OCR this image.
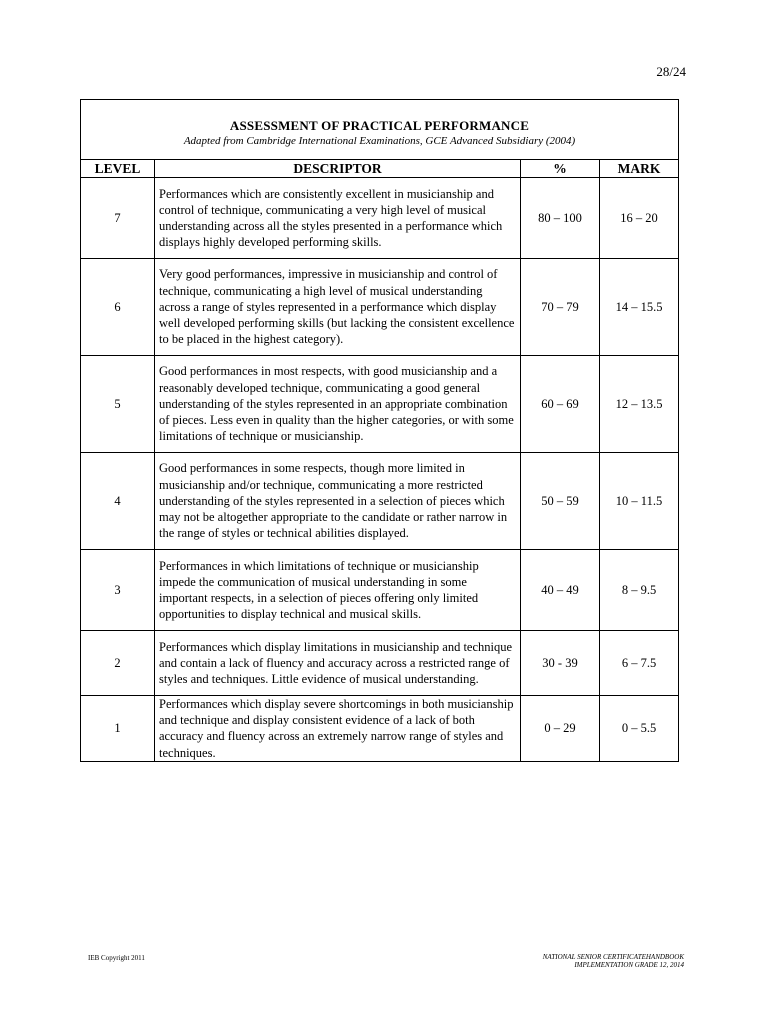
28/24
ASSESSMENT OF PRACTICAL PERFORMANCE
Adapted from Cambridge International Examinations, GCE Advanced Subsidiary (2004)			

LEVEL	DESCRIPTOR	%	MARK
7	Performances which are consistently excellent in musicianship and control of technique, communicating a very high level of musical understanding across all the styles presented in a performance which displays highly developed performing skills.	80 – 100	16 – 20
6	Very good performances, impressive in musicianship and control of technique, communicating a high level of musical understanding across a range of styles represented in a performance which display well developed performing skills (but lacking the consistent excellence to be placed in the highest category).	70 – 79	14 – 15.5
5	Good performances in most respects, with good musicianship and a reasonably developed technique, communicating a good general understanding of the styles represented in an appropriate combination of pieces. Less even in quality than the higher categories, or with some limitations of technique or musicianship.	60 – 69	12 – 13.5
4	Good performances in some respects, though more limited in musicianship and/or technique, communicating a more restricted understanding of the styles represented in a selection of pieces which may not be altogether appropriate to the candidate or rather narrow in the range of styles or technical abilities displayed.	50 – 59	10 – 11.5
3	Performances in which limitations of technique or musicianship impede the communication of musical understanding in some important respects, in a selection of pieces offering only limited opportunities to display technical and musical skills.	40 – 49	8 – 9.5
2	Performances which display limitations in musicianship and technique and contain a lack of fluency and accuracy across a restricted range of styles and techniques. Little evidence of musical understanding.	30 - 39	6 – 7.5
1	Performances which display severe shortcomings in both musicianship and technique and display consistent evidence of a lack of both accuracy and fluency across an extremely narrow range of styles and techniques.	0 – 29	0 – 5.5
IEB Copyright 2011	NATIONAL SENIOR CERTIFICATEHANDBOOK
IMPLEMENTATION GRADE 12, 2014
